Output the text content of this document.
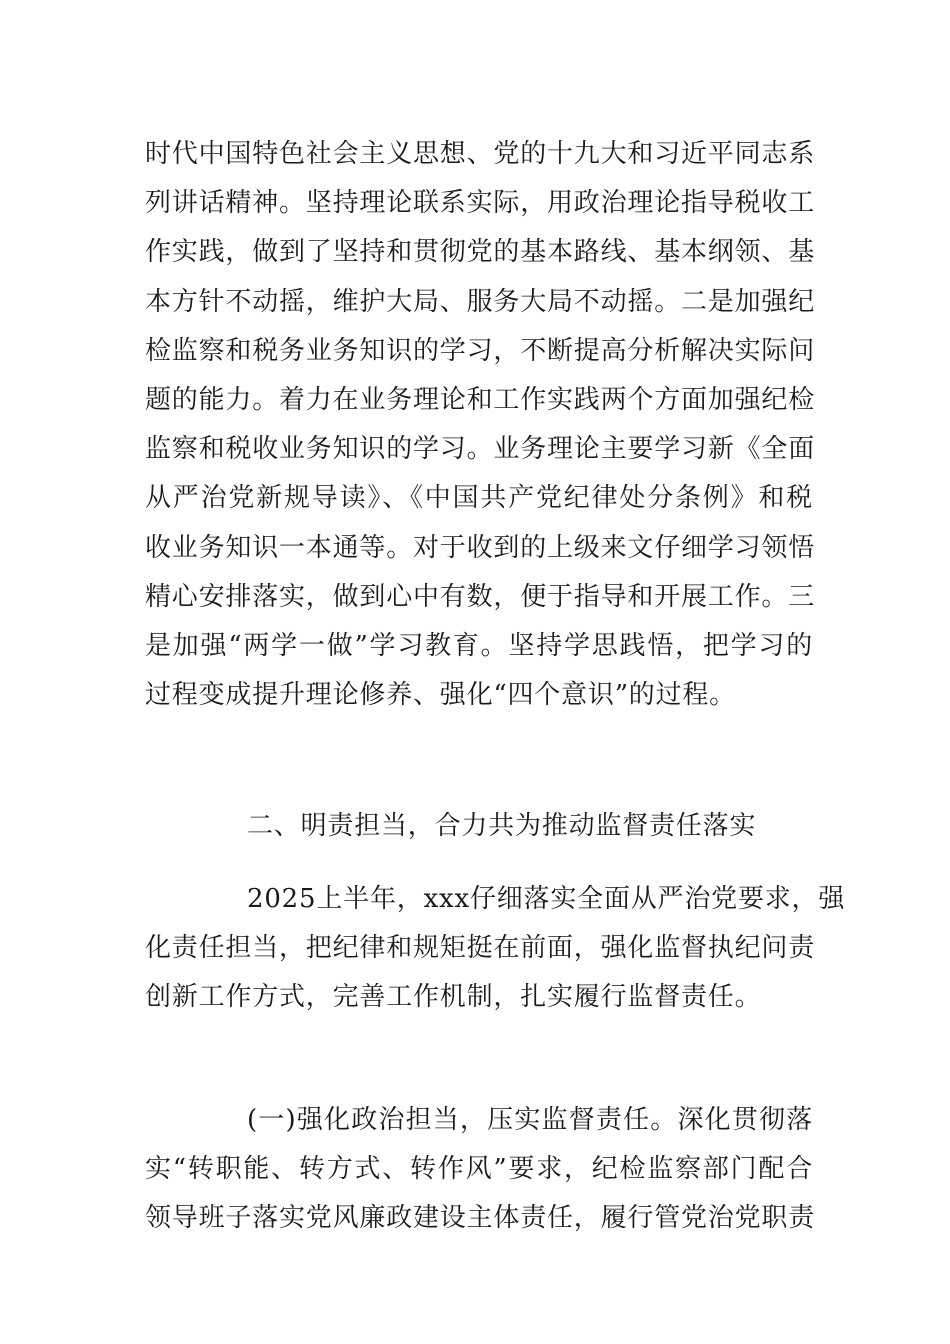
时代中国特色社会主义思想、党的十九大和习近平同志系
列讲话精神。坚持理论联系实际，用政治理论指导税收工
作实践，做到了坚持和贯彻党的基本路线、基本纲领、基
本方针不动摇，维护大局、服务大局不动摇。二是加强纪
检监察和税务业务知识的学习，不断提高分析解决实际问
题的能力。着力在业务理论和工作实践两个方面加强纪检
监察和税收业务知识的学习。业务理论主要学习新《全面
从严治党新规导读》、《中国共产党纪律处分条例》和税
收业务知识一本通等。对于收到的上级来文仔细学习领悟
精心安排落实，做到心中有数，便于指导和开展工作。三
是加强“两学一做”学习教育。坚持学思践悟，把学习的
过程变成提升理论修养、强化“四个意识”的过程。
二、明责担当，合力共为推动监督责任落实
2025上半年，xxx仔细落实全面从严治党要求，强
化责任担当，把纪律和规矩挺在前面，强化监督执纪问责
创新工作方式，完善工作机制，扎实履行监督责任。
(一)强化政治担当，压实监督责任。深化贯彻落
实“转职能、转方式、转作风”要求，纪检监察部门配合
领导班子落实党风廉政建设主体责任，履行管党治党职责
